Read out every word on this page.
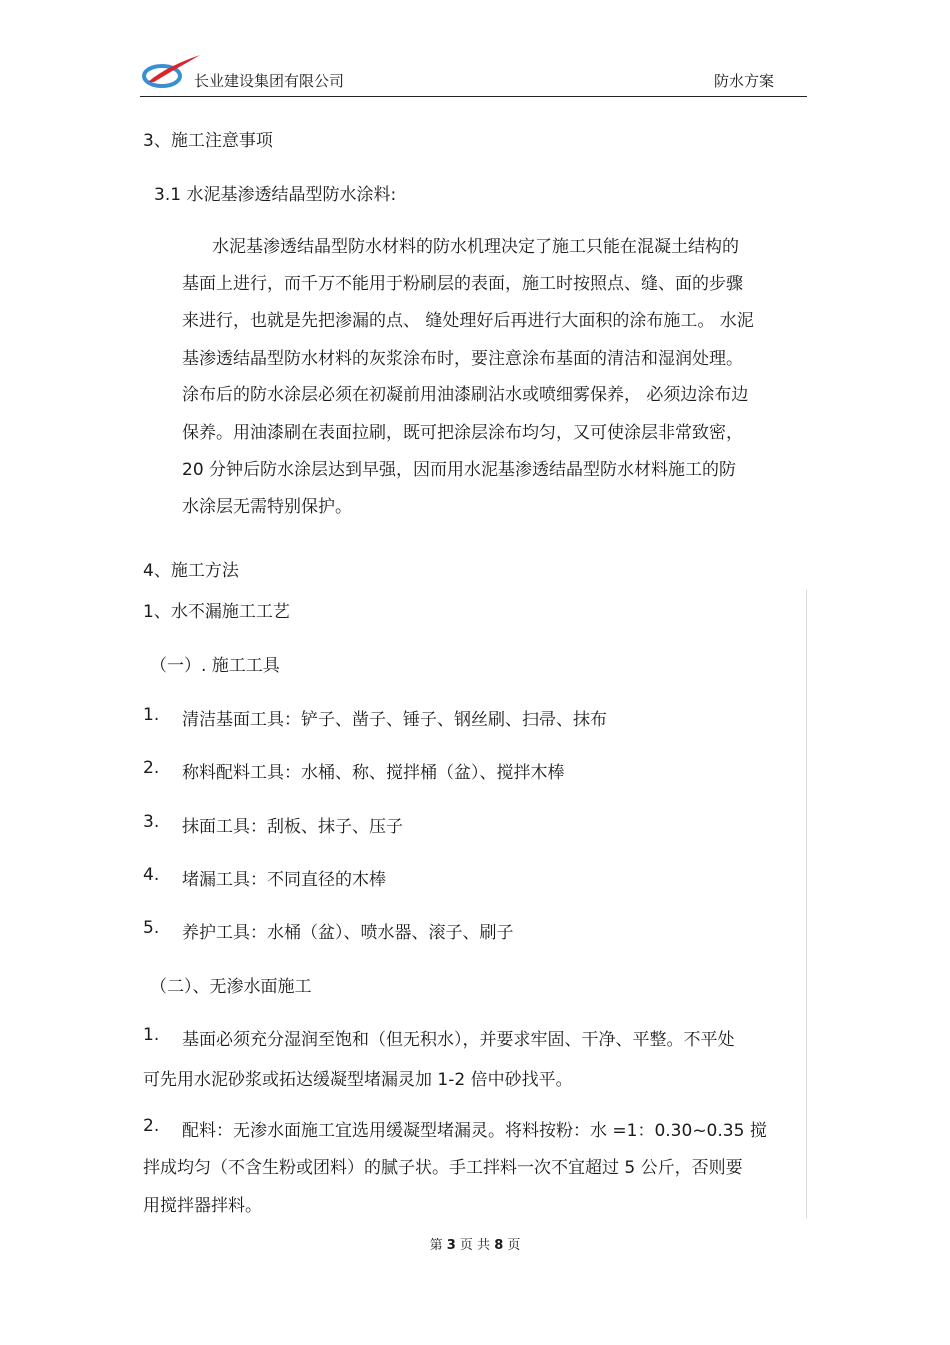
长业建设集团有限公司	防水方案
3、施工注意事项
3.1 水泥基渗透结晶型防水涂料:
水泥基渗透结晶型防水材料的防水机理决定了施工只能在混凝土结构的
基面上进行，而千万不能用于粉刷层的表面，施工时按照点、缝、面的步骤
来进行，也就是先把渗漏的点、 缝处理好后再进行大面积的涂布施工。 水泥
基渗透结晶型防水材料的灰浆涂布时，要注意涂布基面的清洁和湿润处理。
涂布后的防水涂层必须在初凝前用油漆刷沾水或喷细雾保养， 必须边涂布边
保养。用油漆刷在表面拉刷，既可把涂层涂布均匀，又可使涂层非常致密，
20 分钟后防水涂层达到早强，因而用水泥基渗透结晶型防水材料施工的防
水涂层无需特别保护。
4、施工方法
1、水不漏施工工艺
（一）. 施工工具
1. 清洁基面工具：铲子、凿子、锤子、钢丝刷、扫帚、抹布
2. 称料配料工具：水桶、称、搅拌桶（盆）、搅拌木棒
3. 抹面工具：刮板、抹子、压子
4. 堵漏工具：不同直径的木棒
5. 养护工具：水桶（盆）、喷水器、滚子、刷子
（二）、无渗水面施工
1. 基面必须充分湿润至饱和（但无积水），并要求牢固、干净、平整。不平处
可先用水泥砂浆或拓达缓凝型堵漏灵加 1-2 倍中砂找平。
2. 配料：无渗水面施工宜选用缓凝型堵漏灵。将料按粉：水 =1：0.30~0.35 搅
拌成均匀（不含生粉或团料）的腻子状。手工拌料一次不宜超过 5 公斤，否则要
用搅拌器拌料。
第 3 页 共 8 页
